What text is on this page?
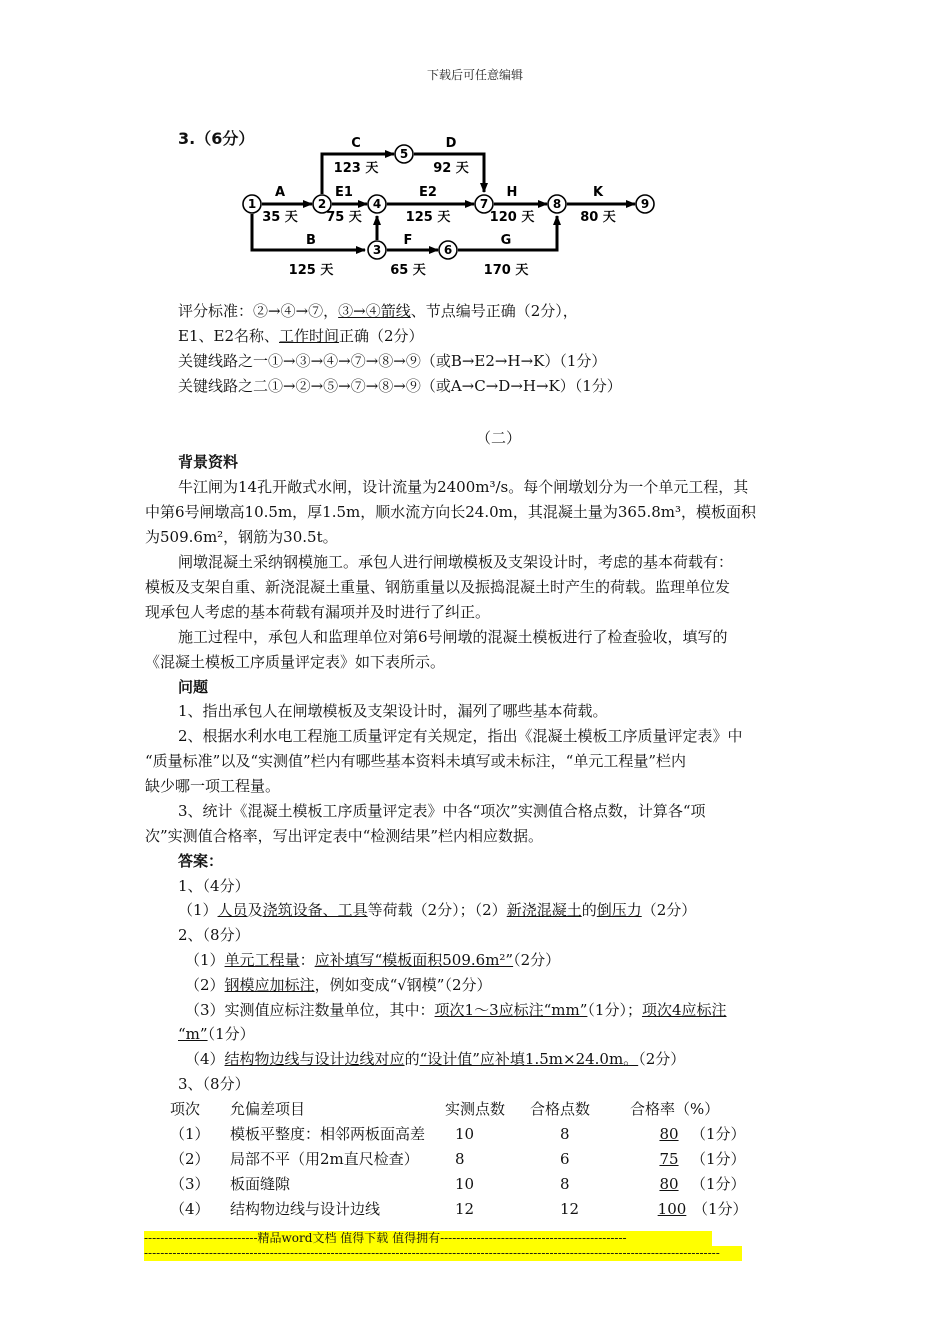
下载后可任意编辑
3.（6分）
1	2
3
4
5
6
7	8	9
A
35 天
E1
75 天
E2
125 天
H
120 天
K
80 天
C
123 天
D
92 天
B
125 天
F
65 天
G
170 天
评分标准：②→④→⑦，③→④箭线、节点编号正确（2分），
E1、E2名称、工作时间正确（2分）
关键线路之一①→③→④→⑦→⑧→⑨（或B→E2→H→K）（1分）
关键线路之二①→②→⑤→⑦→⑧→⑨（或A→C→D→H→K）（1分）
（二）
背景资料
牛江闸为14孔开敞式水闸，设计流量为2400m³/s。每个闸墩划分为一个单元工程，其
中第6号闸墩高10.5m，厚1.5m，顺水流方向长24.0m，其混凝土量为365.8m³，模板面积
为509.6m²，钢筋为30.5t。
闸墩混凝土采纳钢模施工。承包人进行闸墩模板及支架设计时，考虑的基本荷载有：
模板及支架自重、新浇混凝土重量、钢筋重量以及振捣混凝土时产生的荷载。监理单位发
现承包人考虑的基本荷载有漏项并及时进行了纠正。
施工过程中，承包人和监理单位对第6号闸墩的混凝土模板进行了检查验收，填写的
《混凝土模板工序质量评定表》如下表所示。
问题
1、指出承包人在闸墩模板及支架设计时，漏列了哪些基本荷载。
2、根据水利水电工程施工质量评定有关规定，指出《混凝土模板工序质量评定表》中
“质量标准”以及“实测值”栏内有哪些基本资料未填写或未标注，“单元工程量”栏内
缺少哪一项工程量。
3、统计《混凝土模板工序质量评定表》中各“项次”实测值合格点数，计算各“项
次”实测值合格率，写出评定表中“检测结果”栏内相应数据。
答案：
1、（4分）
（1）人员及浇筑设备、工具等荷载（2分）；（2）新浇混凝土的倒压力（2分）
2、（8分）
（1）单元工程量：应补填写“模板面积509.6m²”（2分）
（2）钢模应加标注，例如变成“√钢模”（2分）
（3）实测值应标注数量单位，其中：项次1～3应标注“mm”（1分）；项次4应标注
“m”（1分）
（4）结构物边线与设计边线对应的“设计值”应补填1.5m×24.0m。（2分）
3、（8分）
项次 允偏差项目	实测点数 合格点数	合格率（%）
（1） 模板平整度：相邻两板面高差 10	8	80 （1分）
（2） 局部不平（用2m直尺检查） 8	6	75 （1分）
（3） 板面缝隙	10	8	80 （1分）
（4） 结构物边线与设计边线	12	12	100 （1分）
----------------------------精品word文档 值得下载 值得拥有----------------------------------------------
----------------------------------------------------------------------------------------------------------------------------------------------
